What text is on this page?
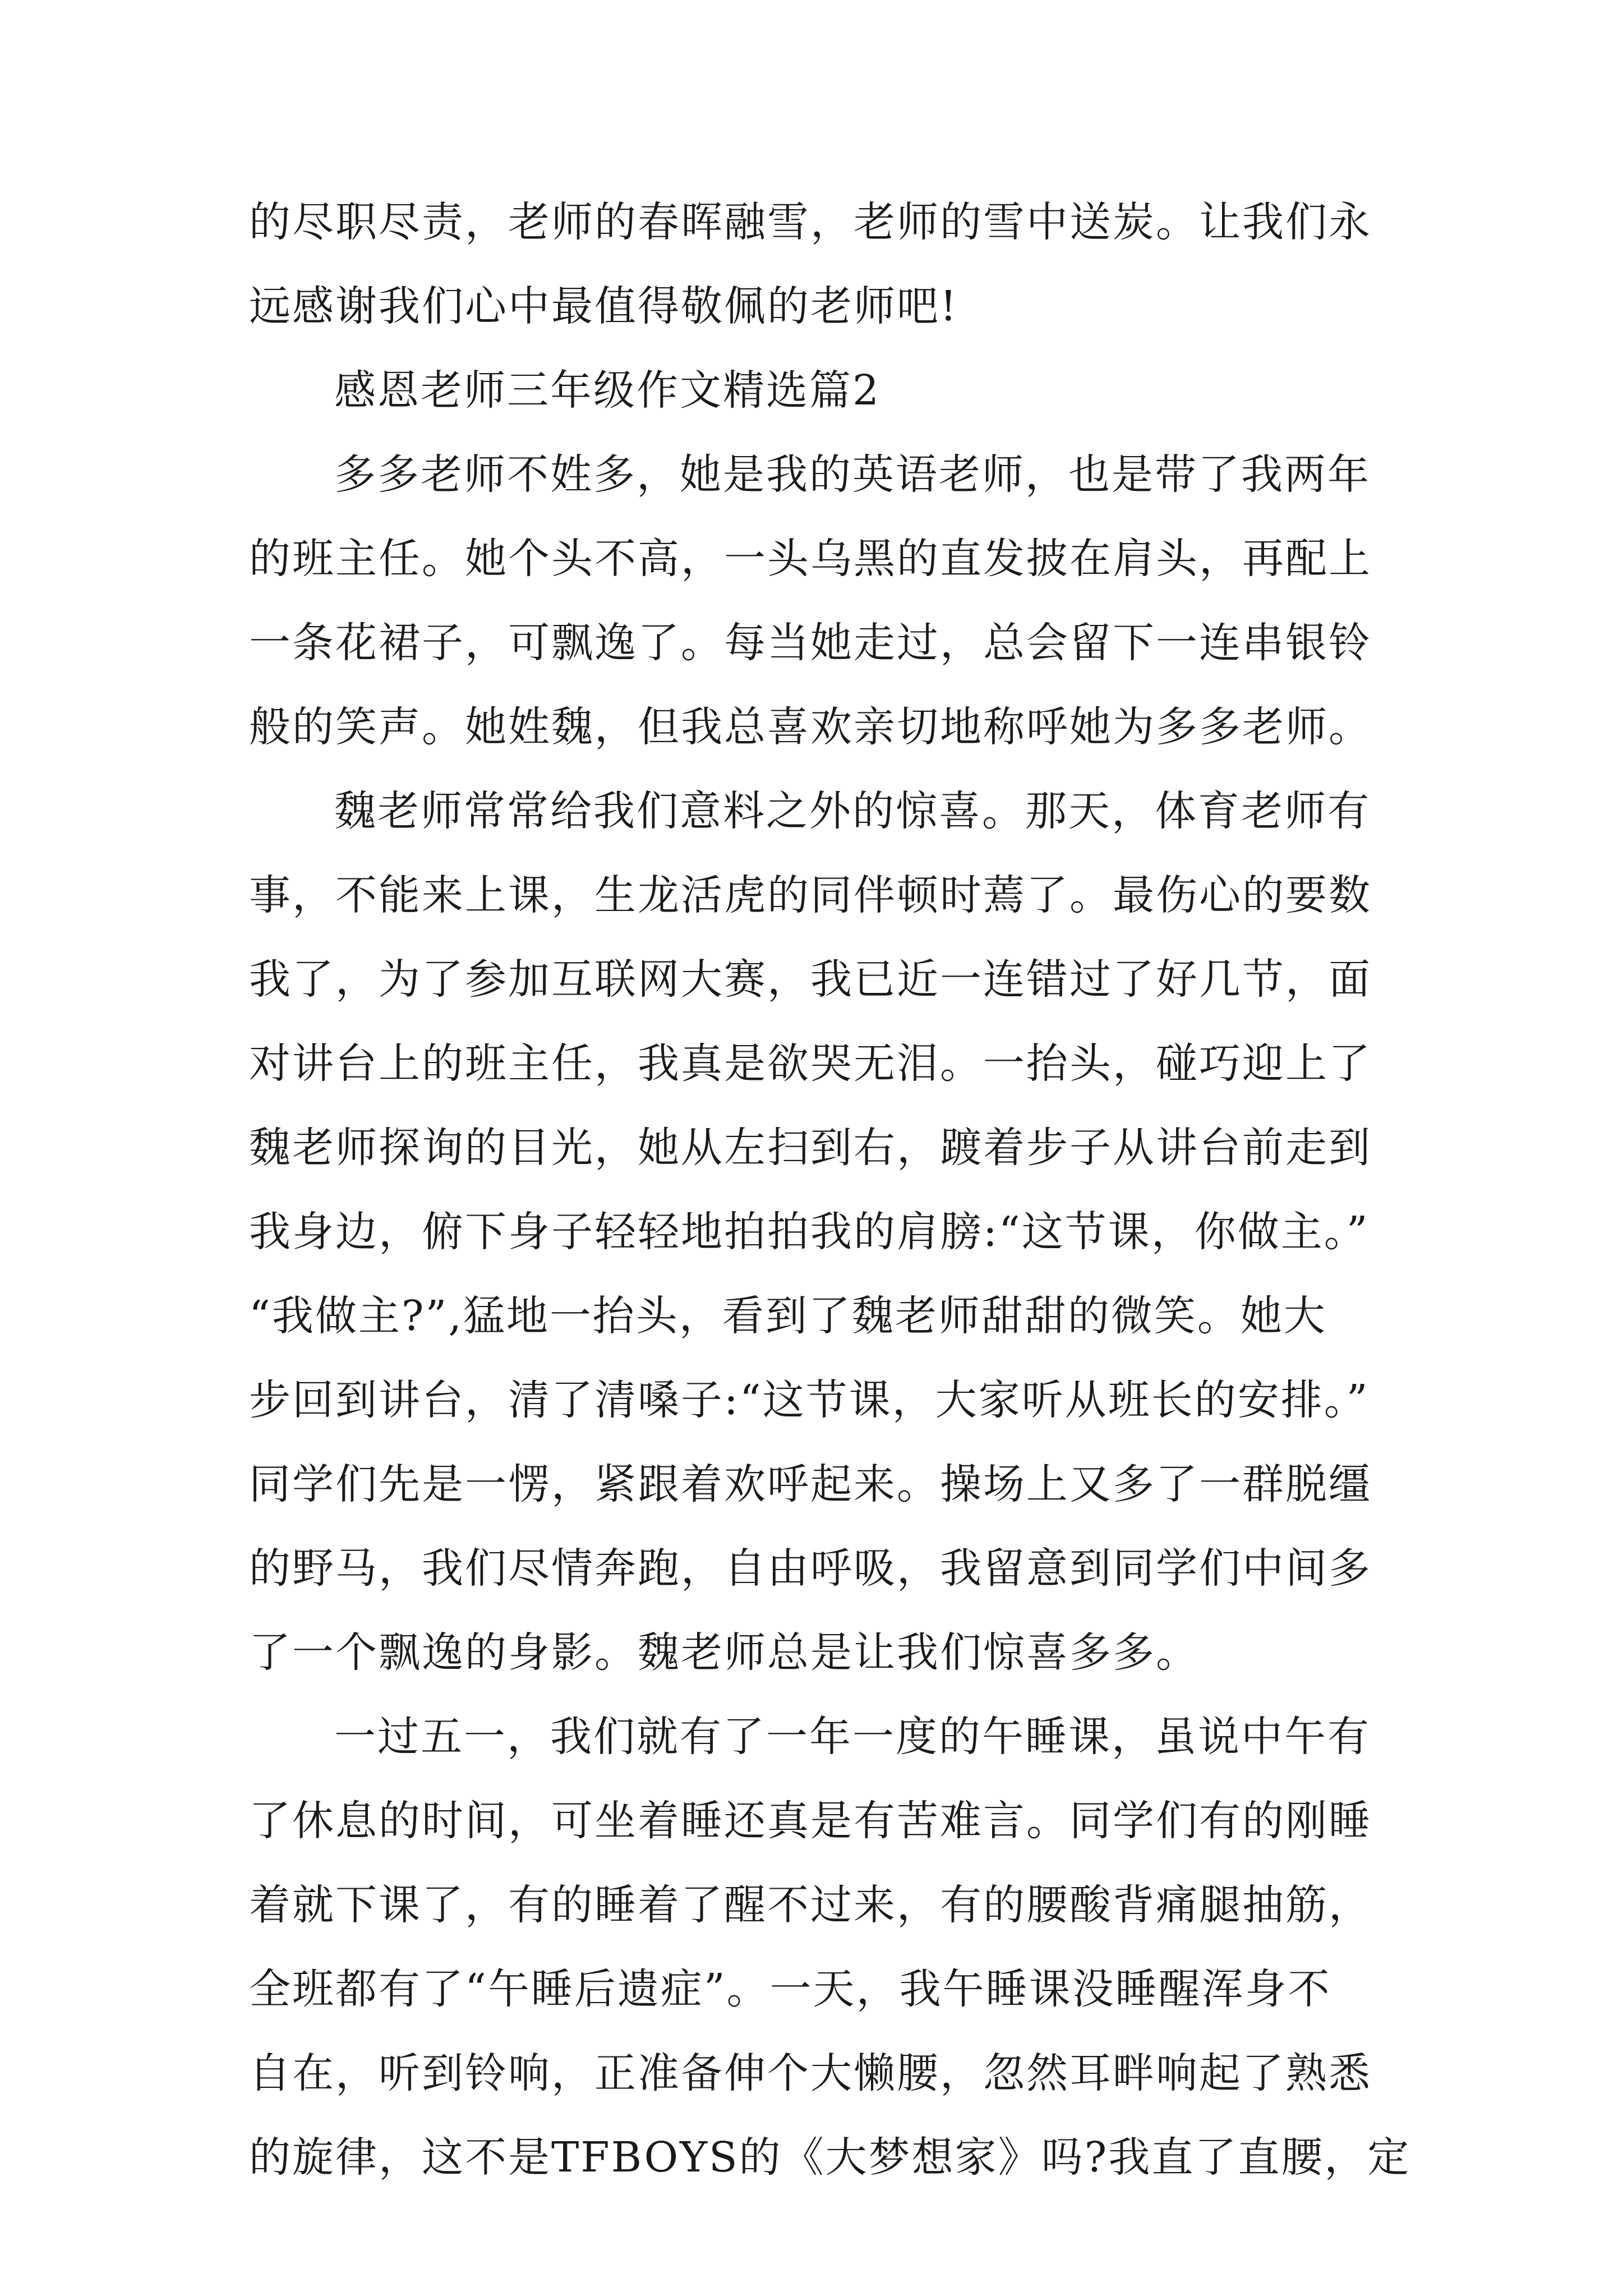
的尽职尽责，老师的春晖融雪，老师的雪中送炭。让我们永

远感谢我们心中最值得敬佩的老师吧!

感恩老师三年级作文精选篇2

多多老师不姓多，她是我的英语老师，也是带了我两年

的班主任。她个头不高，一头乌黑的直发披在肩头，再配上

一条花裙子，可飘逸了。每当她走过，总会留下一连串银铃

般的笑声。她姓魏，但我总喜欢亲切地称呼她为多多老师。

魏老师常常给我们意料之外的惊喜。那天，体育老师有

事，不能来上课，生龙活虎的同伴顿时蔫了。最伤心的要数

我了，为了参加互联网大赛，我已近一连错过了好几节，面

对讲台上的班主任，我真是欲哭无泪。一抬头，碰巧迎上了

魏老师探询的目光，她从左扫到右，踱着步子从讲台前走到

我身边，俯下身子轻轻地拍拍我的肩膀:“这节课，你做主。”

“我做主?”,猛地一抬头，看到了魏老师甜甜的微笑。她大

步回到讲台，清了清嗓子:“这节课，大家听从班长的安排。”

同学们先是一愣，紧跟着欢呼起来。操场上又多了一群脱缰

的野马，我们尽情奔跑，自由呼吸，我留意到同学们中间多

了一个飘逸的身影。魏老师总是让我们惊喜多多。

一过五一，我们就有了一年一度的午睡课，虽说中午有

了休息的时间，可坐着睡还真是有苦难言。同学们有的刚睡

着就下课了，有的睡着了醒不过来，有的腰酸背痛腿抽筋，

全班都有了“午睡后遗症”。一天，我午睡课没睡醒浑身不

自在，听到铃响，正准备伸个大懒腰，忽然耳畔响起了熟悉

的旋律，这不是TFBOYS的《大梦想家》吗?我直了直腰，定
